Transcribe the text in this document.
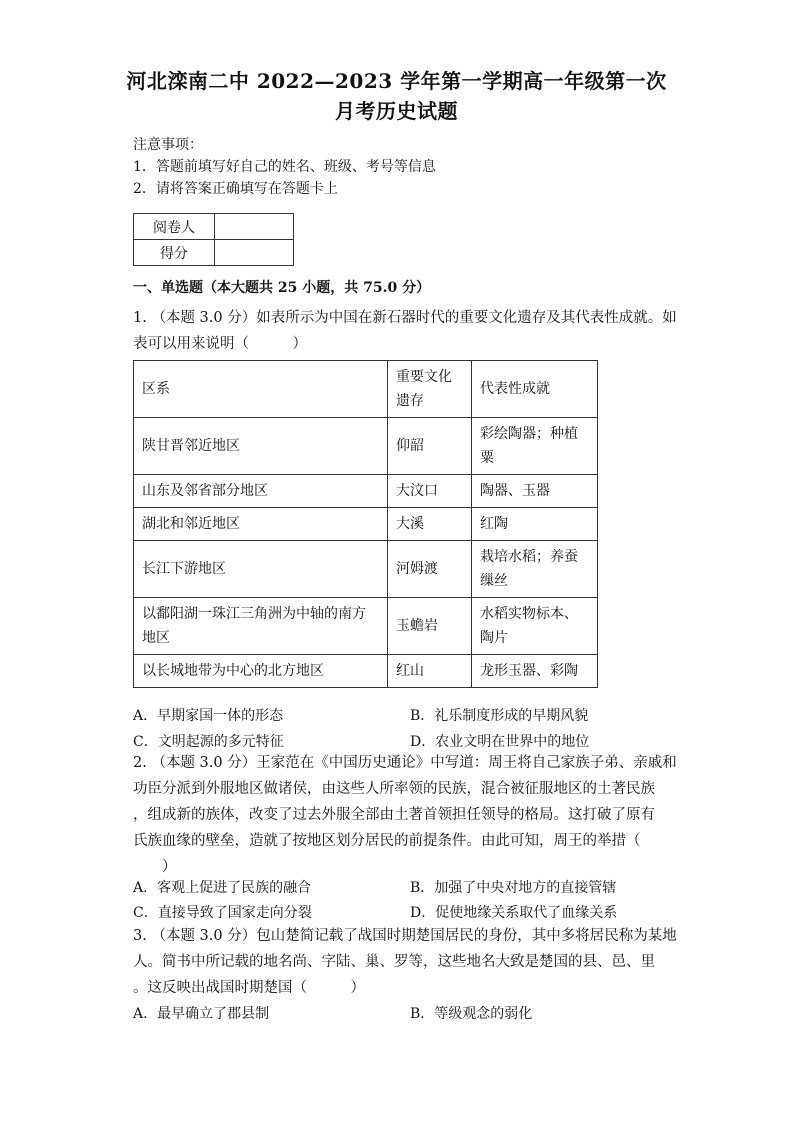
河北滦南二中 2022—2023 学年第一学期高一年级第一次
月考历史试题
注意事项：
1．答题前填写好自己的姓名、班级、考号等信息
2．请将答案正确填写在答题卡上
阅卷人	
得分	
一、单选题（本大题共 25 小题，共 75.0 分）

1. （本题 3.0 分）如表所示为中国在新石器时代的重要文化遗存及其代表性成就。如

表可以用来说明（　　　）

区系	重要文化遗存	代表性成就
陕甘晋邻近地区	仰韶	彩绘陶器；种植粟
山东及邻省部分地区	大汶口	陶器、玉器
湖北和邻近地区	大溪	红陶
长江下游地区	河姆渡	栽培水稻；养蚕缫丝
以鄱阳湖一珠江三角洲为中轴的南方地区	玉蟾岩	水稻实物标本、陶片
以长城地带为中心的北方地区	红山	龙形玉器、彩陶
A．早期家国一体的形态	B．礼乐制度形成的早期风貌
C．文明起源的多元特征	D．农业文明在世界中的地位

2. （本题 3.0 分）王家范在《中国历史通论》中写道：周王将自己家族子弟、亲戚和

功臣分派到外服地区做诸侯，由这些人所率领的民族，混合被征服地区的土著民族

，组成新的族体，改变了过去外服全部由土著首领担任领导的格局。这打破了原有

氏族血缘的壁垒，造就了按地区划分居民的前提条件。由此可知，周王的举措（

　　）

A．客观上促进了民族的融合	B．加强了中央对地方的直接管辖
C．直接导致了国家走向分裂	D．促使地缘关系取代了血缘关系

3. （本题 3.0 分）包山楚简记载了战国时期楚国居民的身份，其中多将居民称为某地

人。简书中所记载的地名尚、字陆、巢、罗等，这些地名大致是楚国的县、邑、里

。这反映出战国时期楚国（　　　）

A．最早确立了郡县制	B．等级观念的弱化
